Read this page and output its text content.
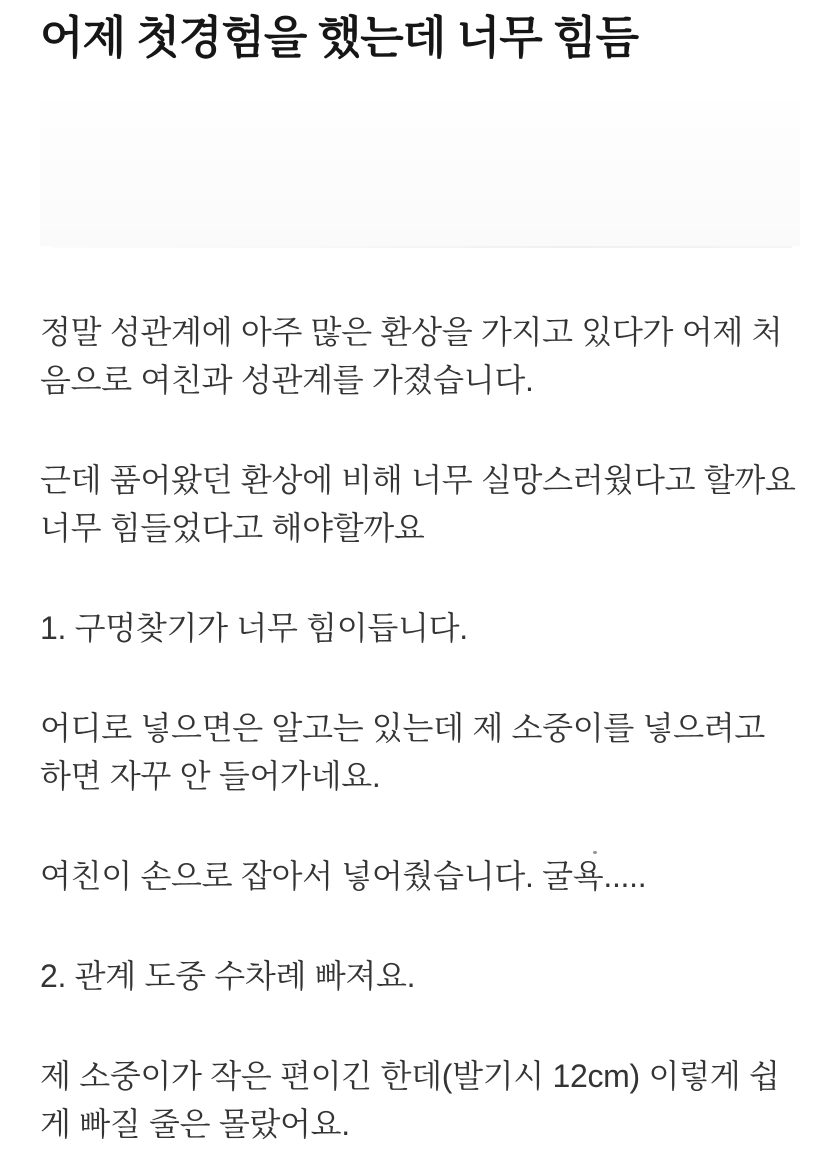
어제 첫경험을 했는데 너무 힘듬

정말 성관계에 아주 많은 환상을 가지고 있다가 어제 처음으로 여친과 성관계를 가졌습니다.

근데 품어왔던 환상에 비해 너무 실망스러웠다고 할까요 너무 힘들었다고 해야할까요

1. 구멍찾기가 너무 힘이듭니다.

어디로 넣으면은 알고는 있는데 제 소중이를 넣으려고 하면 자꾸 안 들어가네요.

여친이 손으로 잡아서 넣어줬습니다. 굴욕.....

2. 관계 도중 수차례 빠져요.

제 소중이가 작은 편이긴 한데(발기시 12cm) 이렇게 쉽게 빠질 줄은 몰랐어요.
